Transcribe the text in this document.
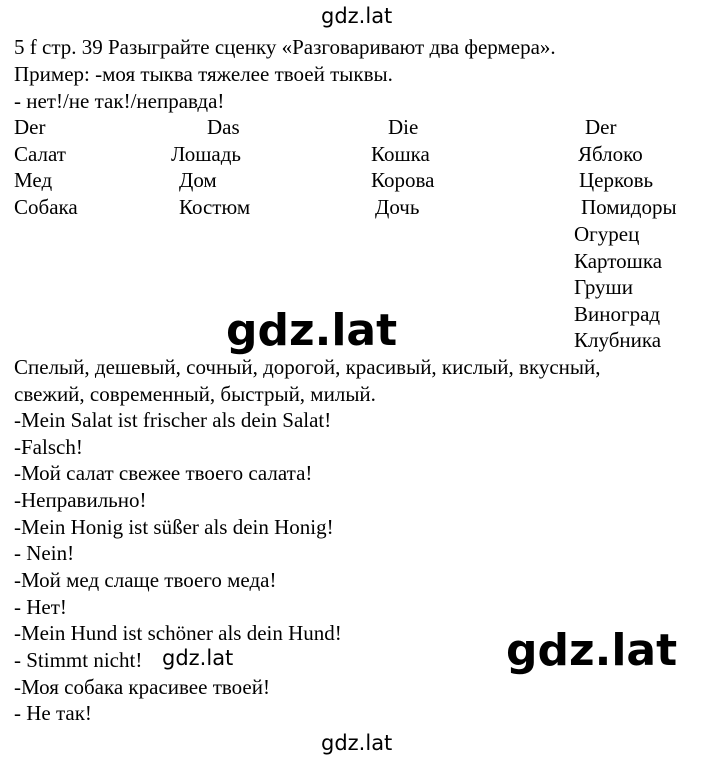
gdz.lat
5 f стр. 39 Разыграйте сценку «Разговаривают два фермера».
Пример: -моя тыква тяжелее твоей тыквы.
- нет!/не так!/неправда!
Der
Салат
Мед
Собака
Das
Лошадь
Дом
Костюм
Die
Кошка
Корова
Дочь
Der
Яблоко
Церковь
Помидоры
Огурец
Картошка
Груши
Виноград
Клубника
gdz.lat
Спелый, дешевый, сочный, дорогой, красивый, кислый, вкусный,
свежий, современный, быстрый, милый.
-Mein Salat ist frischer als dein Salat!
-Falsch!
-Мой салат свежее твоего салата!
-Неправильно!
-Mein Honig ist süßer als dein Honig!
- Nein!
-Мой мед слаще твоего меда!
- Нет!
-Mein Hund ist schöner als dein Hund!
- Stimmt nicht!
-Моя собака красивее твоей!
- Не так!
gdz.lat	gdz.lat
gdz.lat
